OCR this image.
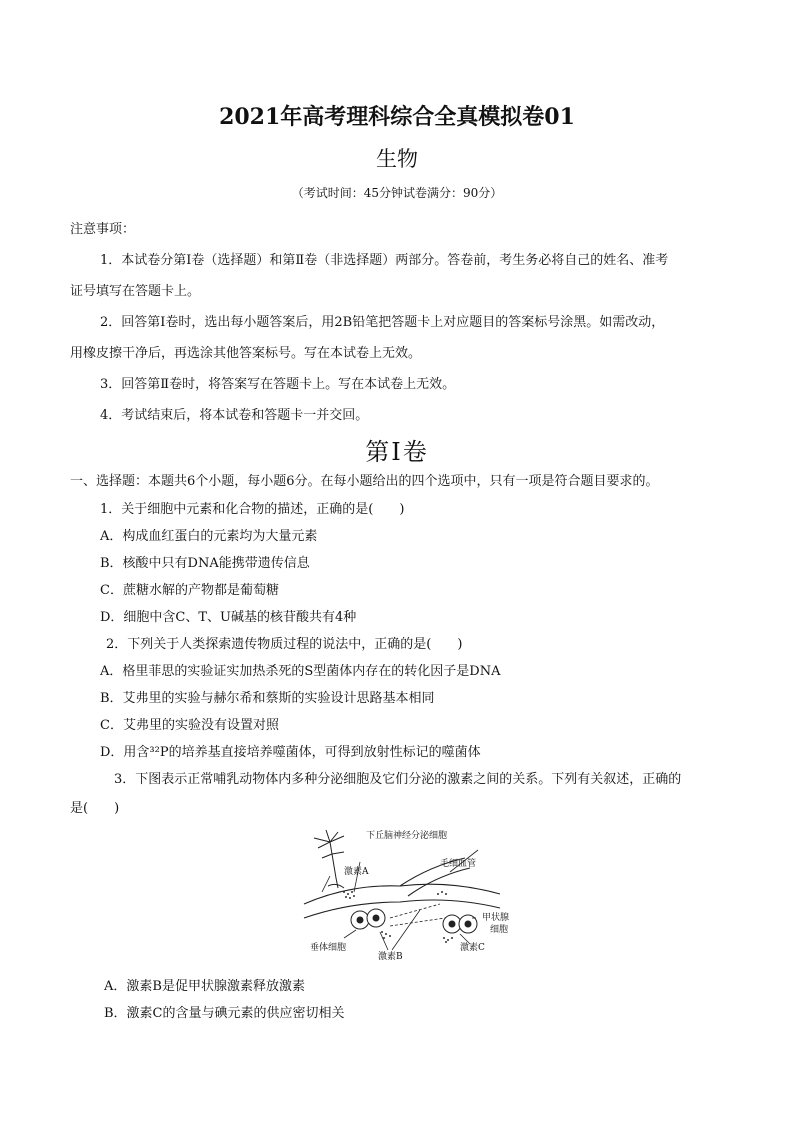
2021年高考理科综合全真模拟卷01
生物
（考试时间：45分钟试卷满分：90分）
注意事项：
1．本试卷分第Ⅰ卷（选择题）和第Ⅱ卷（非选择题）两部分。答卷前，考生务必将自己的姓名、准考
证号填写在答题卡上。
2．回答第Ⅰ卷时，选出每小题答案后，用2B铅笔把答题卡上对应题目的答案标号涂黑。如需改动，
用橡皮擦干净后，再选涂其他答案标号。写在本试卷上无效。
3．回答第Ⅱ卷时，将答案写在答题卡上。写在本试卷上无效。
4．考试结束后，将本试卷和答题卡一并交回。
第Ⅰ卷
一、选择题：本题共6个小题，每小题6分。在每小题给出的四个选项中，只有一项是符合题目要求的。
1．关于细胞中元素和化合物的描述，正确的是(　　)
A．构成血红蛋白的元素均为大量元素
B．核酸中只有DNA能携带遗传信息
C．蔗糖水解的产物都是葡萄糖
D．细胞中含C、T、U碱基的核苷酸共有4种
2．下列关于人类探索遗传物质过程的说法中，正确的是(　　)
A．格里菲思的实验证实加热杀死的S型菌体内存在的转化因子是DNA
B．艾弗里的实验与赫尔希和蔡斯的实验设计思路基本相同
C．艾弗里的实验没有设置对照
D．用含³²P的培养基直接培养噬菌体，可得到放射性标记的噬菌体
3．下图表示正常哺乳动物体内多种分泌细胞及它们分泌的激素之间的关系。下列有关叙述，正确的
是(　　)
下丘脑神经分泌细胞
毛细血管
激素A
甲状腺
细胞
垂体细胞
激素B
激素C
A．激素B是促甲状腺激素释放激素
B．激素C的含量与碘元素的供应密切相关
